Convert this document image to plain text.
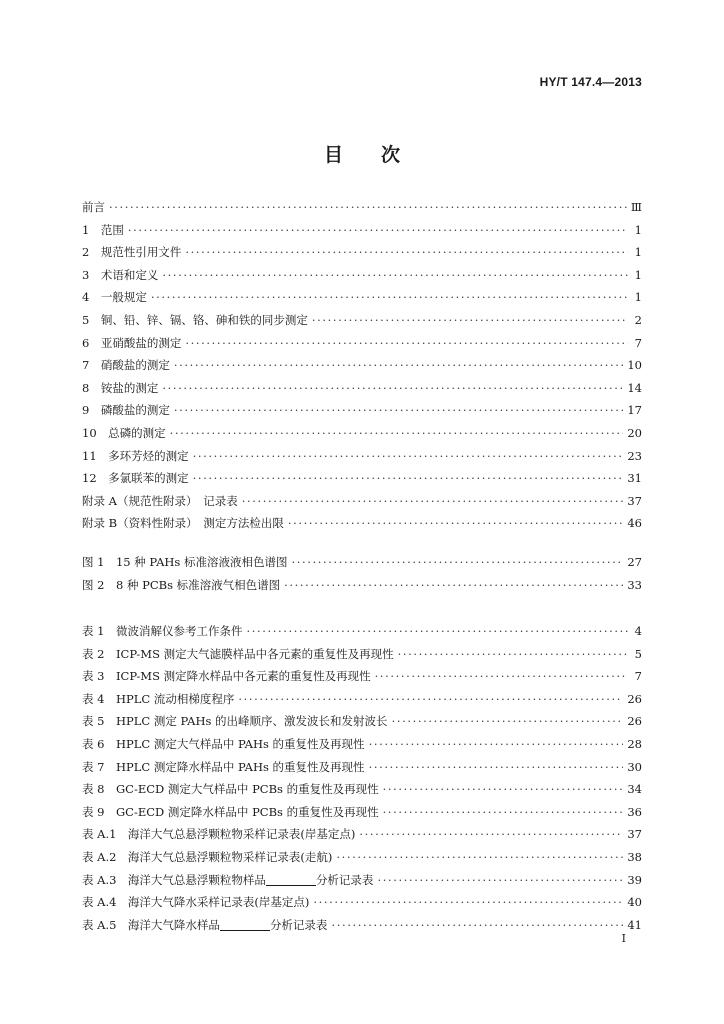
HY/T 147.4—2013
目 次
前言 ·····	Ⅲ
1　范围 ·····	1
2　规范性引用文件 ·····	1
3　术语和定义 ·····	1
4　一般规定 ·····	1
5　铜、铅、锌、镉、铬、砷和铁的同步测定 ·····	2
6　亚硝酸盐的测定 ·····	7
7　硝酸盐的测定 ·····	10
8　铵盐的测定 ·····	14
9　磷酸盐的测定 ·····	17
10　总磷的测定 ·····	20
11　多环芳烃的测定 ·····	23
12　多氯联苯的测定 ·····	31
附录 A（规范性附录）　记录表 ·····	37
附录 B（资料性附录）　测定方法检出限 ·····	46
图 1　15 种 PAHs 标准溶液液相色谱图 ·····	27
图 2　8 种 PCBs 标准溶液气相色谱图 ·····	33
表 1　微波消解仪参考工作条件 ·····	4
表 2　ICP-MS 测定大气滤膜样品中各元素的重复性及再现性 ·····	5
表 3　ICP-MS 测定降水样品中各元素的重复性及再现性 ·····	7
表 4　HPLC 流动相梯度程序 ·····	26
表 5　HPLC 测定 PAHs 的出峰顺序、激发波长和发射波长 ·····	26
表 6　HPLC 测定大气样品中 PAHs 的重复性及再现性 ·····	28
表 7　HPLC 测定降水样品中 PAHs 的重复性及再现性 ·····	30
表 8　GC-ECD 测定大气样品中 PCBs 的重复性及再现性 ·····	34
表 9　GC-ECD 测定降水样品中 PCBs 的重复性及再现性 ·····	36
表 A.1　海洋大气总悬浮颗粒物采样记录表(岸基定点) ·····	37
表 A.2　海洋大气总悬浮颗粒物采样记录表(走航) ·····	38
表 A.3　海洋大气总悬浮颗粒物样品	分析记录表 ·····	39
表 A.4　海洋大气降水采样记录表(岸基定点) ·····	40
表 A.5　海洋大气降水样品	分析记录表 ·····	41
I
